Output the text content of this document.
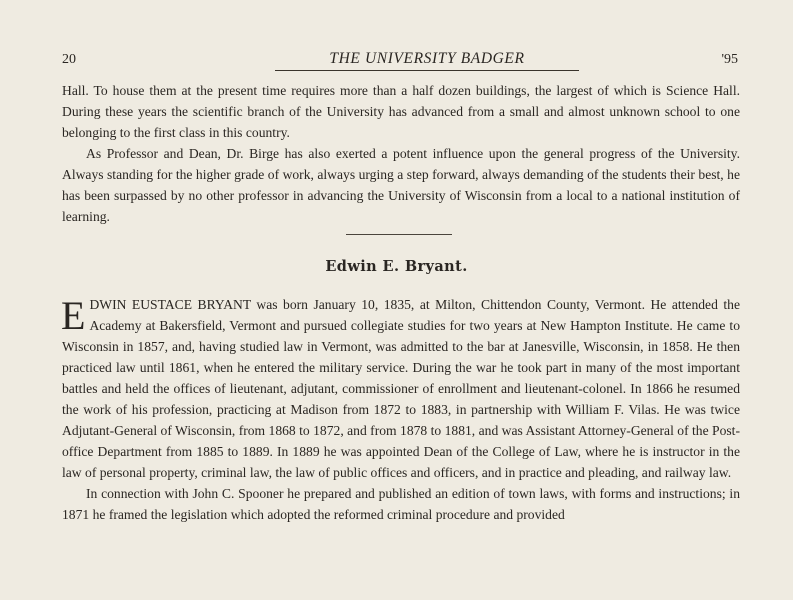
20	THE UNIVERSITY BADGER	'95

Hall. To house them at the present time requires more than a half dozen buildings, the largest of which is Science Hall. During these years the scientific branch of the University has advanced from a small and almost unknown school to one belonging to the first class in this country.

As Professor and Dean, Dr. Birge has also exerted a potent influence upon the general progress of the University. Always standing for the higher grade of work, always urging a step forward, always demanding of the students their best, he has been surpassed by no other professor in advancing the University of Wisconsin from a local to a national institution of learning.

Edwin E. Bryant.

EDWIN EUSTACE BRYANT was born January 10, 1835, at Milton, Chittendon County, Vermont. He attended the Academy at Bakersfield, Vermont and pursued collegiate studies for two years at New Hampton Institute. He came to Wisconsin in 1857, and, having studied law in Vermont, was admitted to the bar at Janesville, Wisconsin, in 1858. He then practiced law until 1861, when he entered the military service. During the war he took part in many of the most important battles and held the offices of lieutenant, adjutant, commissioner of enrollment and lieutenant-colonel. In 1866 he resumed the work of his profession, practicing at Madison from 1872 to 1883, in partnership with William F. Vilas. He was twice Adjutant-General of Wisconsin, from 1868 to 1872, and from 1878 to 1881, and was Assistant Attorney-General of the Post-office Department from 1885 to 1889. In 1889 he was appointed Dean of the College of Law, where he is instructor in the law of personal property, criminal law, the law of public offices and officers, and in practice and pleading, and railway law.

In connection with John C. Spooner he prepared and published an edition of town laws, with forms and instructions; in 1871 he framed the legislation which adopted the reformed criminal procedure and provided
